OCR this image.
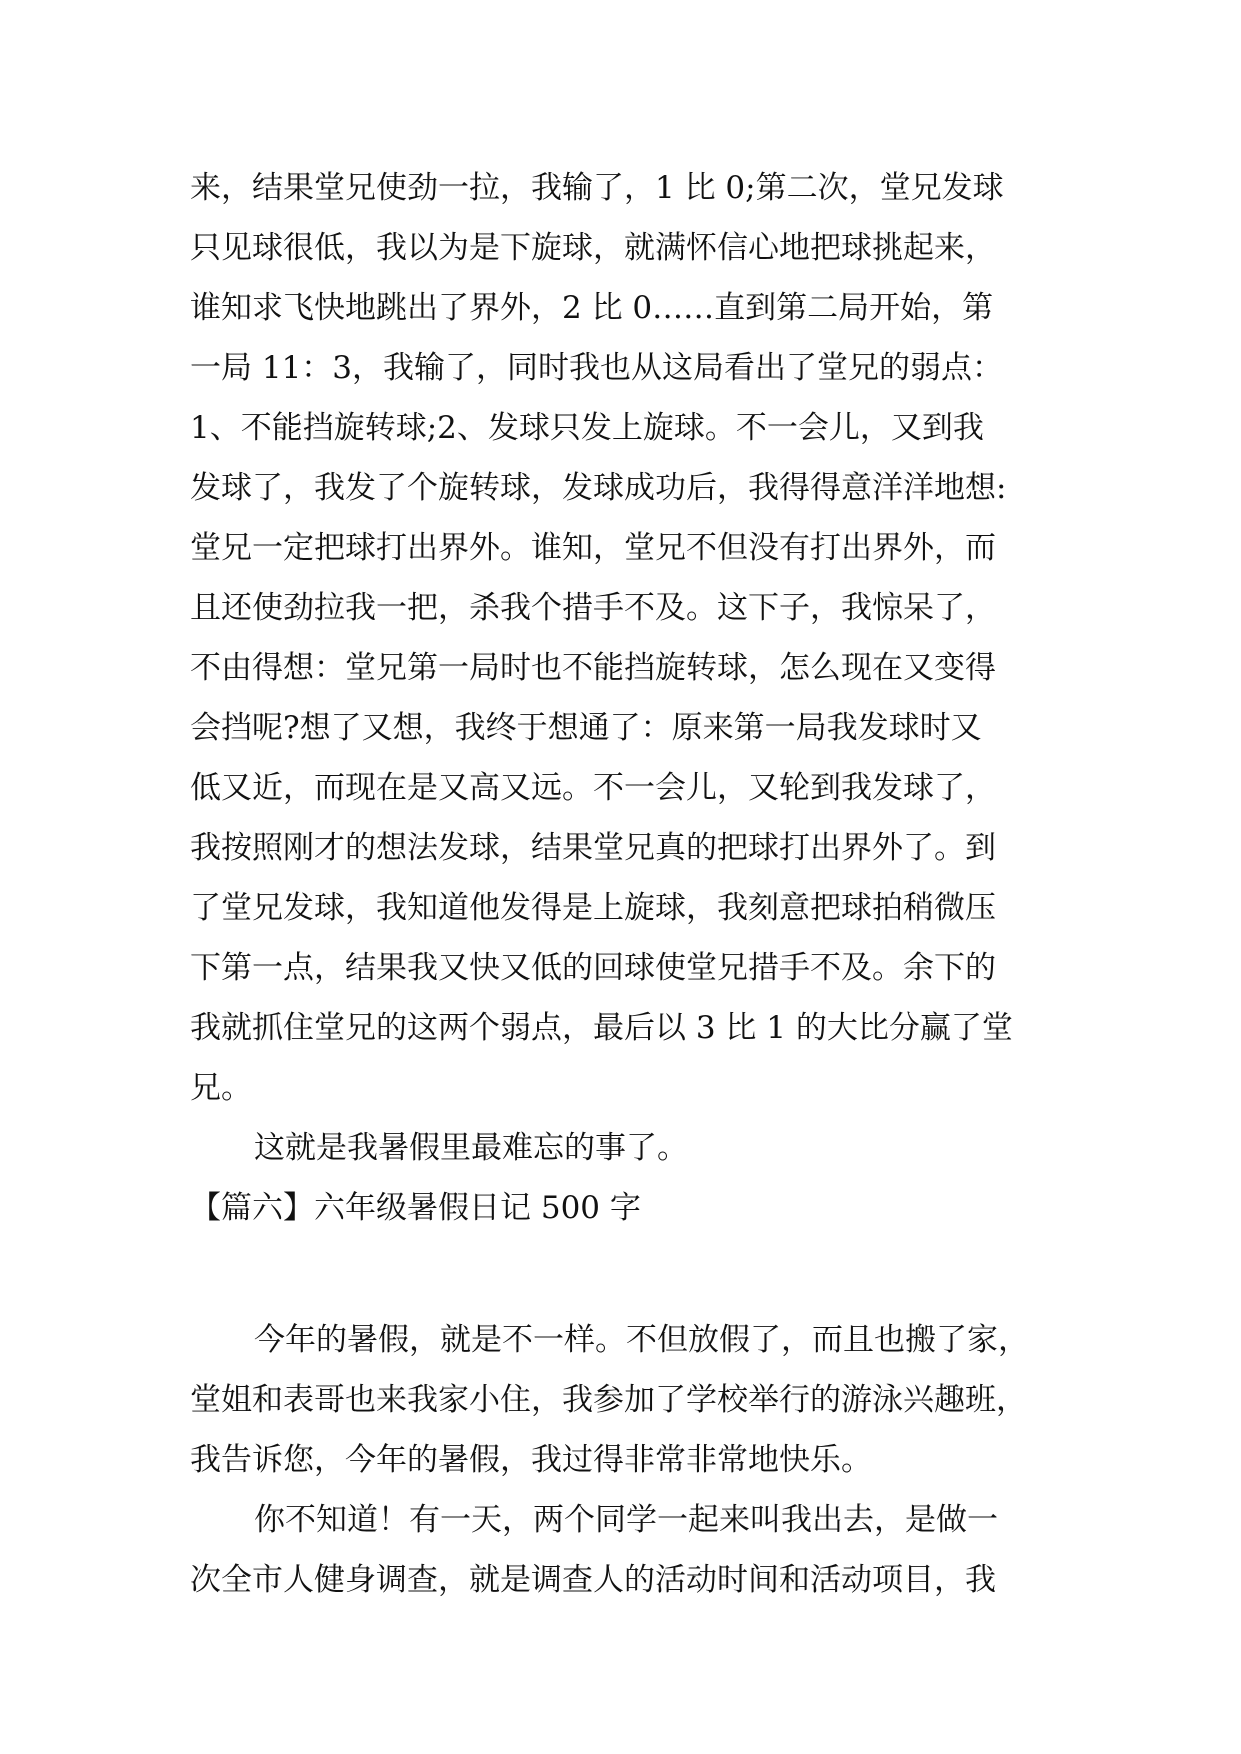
来，结果堂兄使劲一拉，我输了，1 比 0;第二次，堂兄发球
只见球很低，我以为是下旋球，就满怀信心地把球挑起来，
谁知求飞快地跳出了界外，2 比 0……直到第二局开始，第
一局 11：3，我输了，同时我也从这局看出了堂兄的弱点：
1、不能挡旋转球;2、发球只发上旋球。不一会儿，又到我
发球了，我发了个旋转球，发球成功后，我得得意洋洋地想:
堂兄一定把球打出界外。谁知，堂兄不但没有打出界外，而
且还使劲拉我一把，杀我个措手不及。这下子，我惊呆了，
不由得想：堂兄第一局时也不能挡旋转球，怎么现在又变得
会挡呢?想了又想，我终于想通了：原来第一局我发球时又
低又近，而现在是又高又远。不一会儿，又轮到我发球了，
我按照刚才的想法发球，结果堂兄真的把球打出界外了。到
了堂兄发球，我知道他发得是上旋球，我刻意把球拍稍微压
下第一点，结果我又快又低的回球使堂兄措手不及。余下的
我就抓住堂兄的这两个弱点，最后以 3 比 1 的大比分赢了堂
兄。
这就是我暑假里最难忘的事了。
【篇六】六年级暑假日记 500 字
今年的暑假，就是不一样。不但放假了，而且也搬了家，
堂姐和表哥也来我家小住，我参加了学校举行的游泳兴趣班，
我告诉您，今年的暑假，我过得非常非常地快乐。
你不知道！有一天，两个同学一起来叫我出去，是做一
次全市人健身调查，就是调查人的活动时间和活动项目，我
